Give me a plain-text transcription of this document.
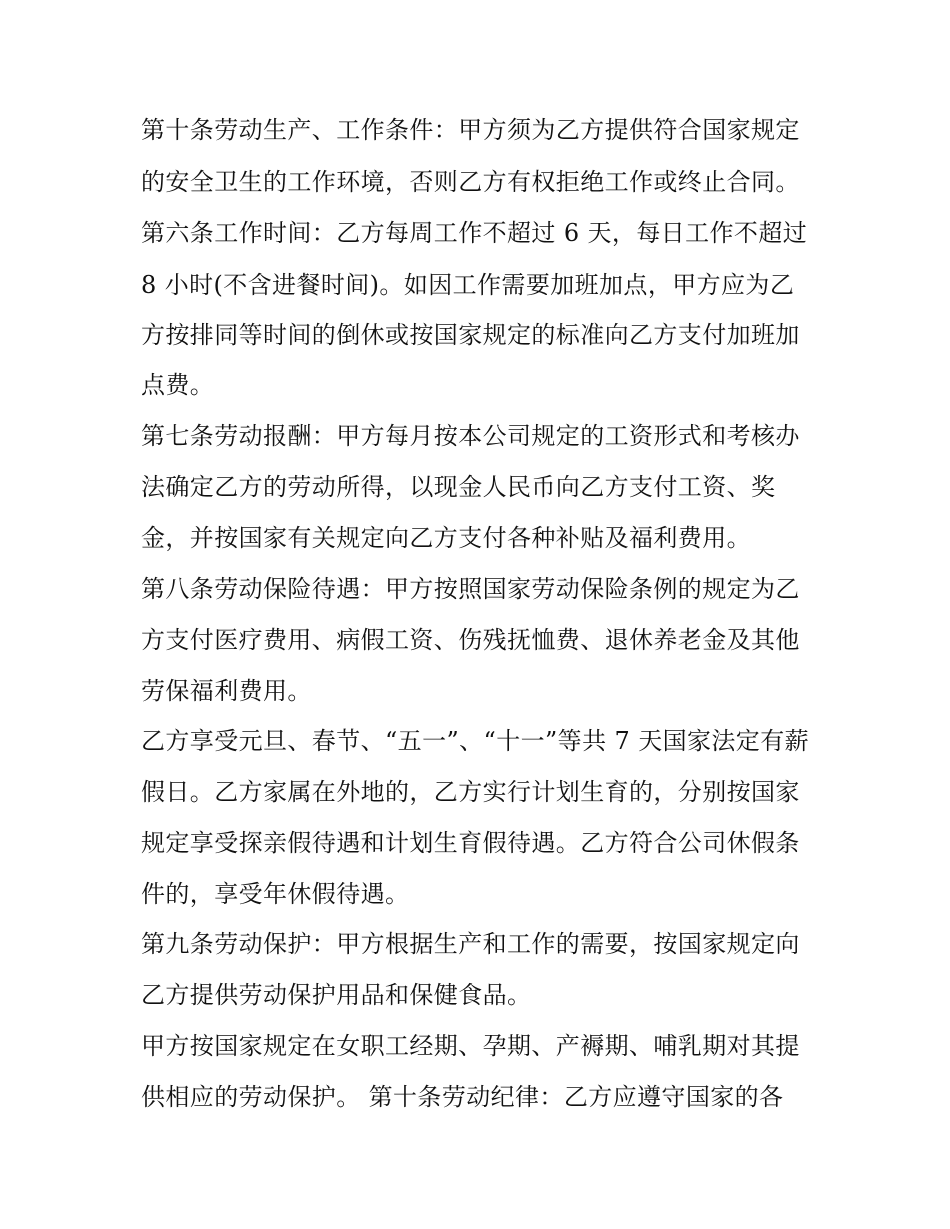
第十条劳动生产、工作条件：甲方须为乙方提供符合国家规定
的安全卫生的工作环境，否则乙方有权拒绝工作或终止合同。
第六条工作时间：乙方每周工作不超过 6 天，每日工作不超过
8 小时(不含进餐时间)。如因工作需要加班加点，甲方应为乙
方按排同等时间的倒休或按国家规定的标准向乙方支付加班加
点费。
第七条劳动报酬：甲方每月按本公司规定的工资形式和考核办
法确定乙方的劳动所得，以现金人民币向乙方支付工资、奖
金，并按国家有关规定向乙方支付各种补贴及福利费用。
第八条劳动保险待遇：甲方按照国家劳动保险条例的规定为乙
方支付医疗费用、病假工资、伤残抚恤费、退休养老金及其他
劳保福利费用。
乙方享受元旦、春节、“五一”、“十一”等共 7 天国家法定有薪
假日。乙方家属在外地的，乙方实行计划生育的，分别按国家
规定享受探亲假待遇和计划生育假待遇。乙方符合公司休假条
件的，享受年休假待遇。
第九条劳动保护：甲方根据生产和工作的需要，按国家规定向
乙方提供劳动保护用品和保健食品。
甲方按国家规定在女职工经期、孕期、产褥期、哺乳期对其提
供相应的劳动保护。 第十条劳动纪律：乙方应遵守国家的各
